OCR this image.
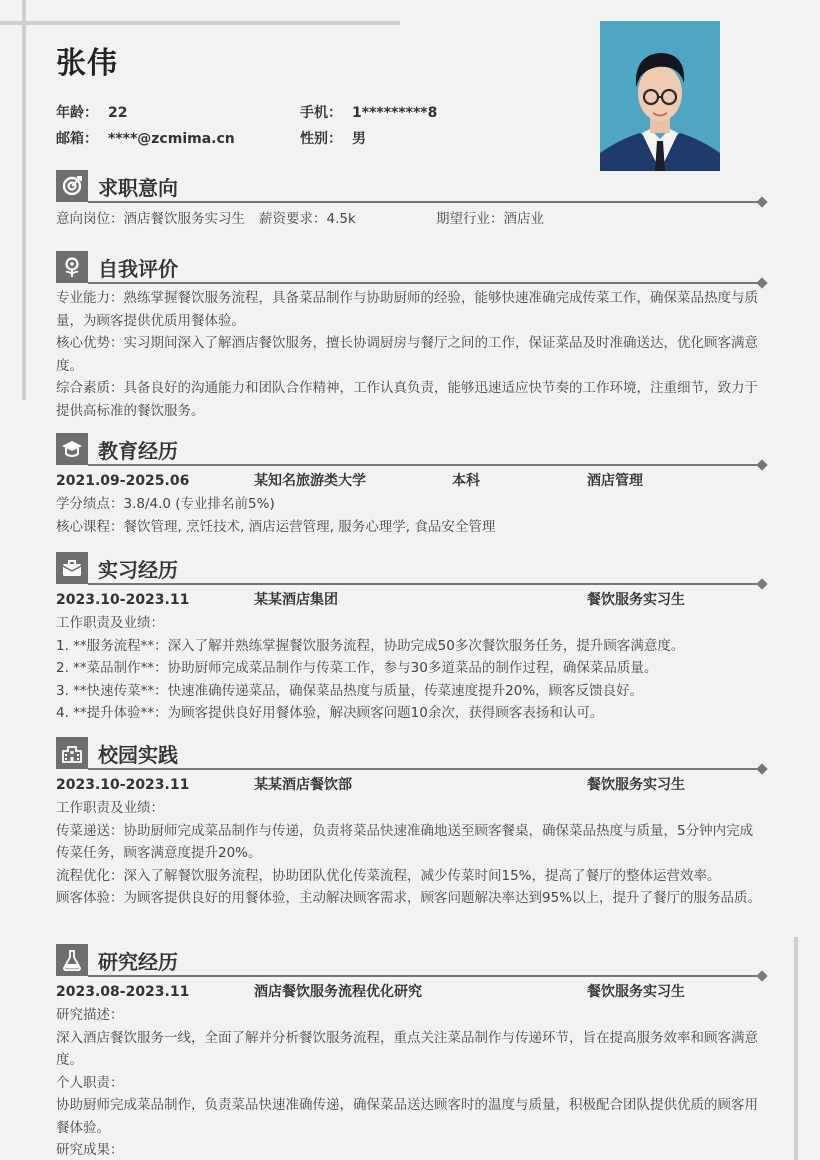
张伟
年龄： 22	手机： 1*********8
邮箱： ****@zcmima.cn	性别： 男
求职意向
意向岗位：酒店餐饮服务实习生 薪资要求：4.5k	期望行业：酒店业
自我评价

专业能力：熟练掌握餐饮服务流程，具备菜品制作与协助厨师的经验，能够快速准确完成传菜工作，确保菜品热度与质量，为顾客提供优质用餐体验。

核心优势：实习期间深入了解酒店餐饮服务，擅长协调厨房与餐厅之间的工作，保证菜品及时准确送达，优化顾客满意度。

综合素质：具备良好的沟通能力和团队合作精神，工作认真负责，能够迅速适应快节奏的工作环境，注重细节，致力于提供高标准的餐饮服务。

教育经历
2021.09-2025.06	某知名旅游类大学	本科	酒店管理

学分绩点：3.8/4.0 (专业排名前5%)

核心课程：餐饮管理, 烹饪技术, 酒店运营管理, 服务心理学, 食品安全管理

实习经历
2023.10-2023.11	某某酒店集团	餐饮服务实习生

工作职责及业绩：

1. **服务流程**：深入了解并熟练掌握餐饮服务流程，协助完成50多次餐饮服务任务，提升顾客满意度。

2. **菜品制作**：协助厨师完成菜品制作与传菜工作，参与30多道菜品的制作过程，确保菜品质量。

3. **快速传菜**：快速准确传递菜品，确保菜品热度与质量，传菜速度提升20%，顾客反馈良好。

4. **提升体验**：为顾客提供良好用餐体验，解决顾客问题10余次，获得顾客表扬和认可。

校园实践
2023.10-2023.11	某某酒店餐饮部	餐饮服务实习生

工作职责及业绩：

传菜递送：协助厨师完成菜品制作与传递，负责将菜品快速准确地送至顾客餐桌，确保菜品热度与质量，5分钟内完成传菜任务，顾客满意度提升20%。

流程优化：深入了解餐饮服务流程，协助团队优化传菜流程，减少传菜时间15%，提高了餐厅的整体运营效率。

顾客体验：为顾客提供良好的用餐体验，主动解决顾客需求，顾客问题解决率达到95%以上，提升了餐厅的服务品质。

研究经历
2023.08-2023.11	酒店餐饮服务流程优化研究	餐饮服务实习生

研究描述：

深入酒店餐饮服务一线，全面了解并分析餐饮服务流程，重点关注菜品制作与传递环节，旨在提高服务效率和顾客满意度。

个人职责：

协助厨师完成菜品制作，负责菜品快速准确传递，确保菜品送达顾客时的温度与质量，积极配合团队提供优质的顾客用餐体验。

研究成果：
